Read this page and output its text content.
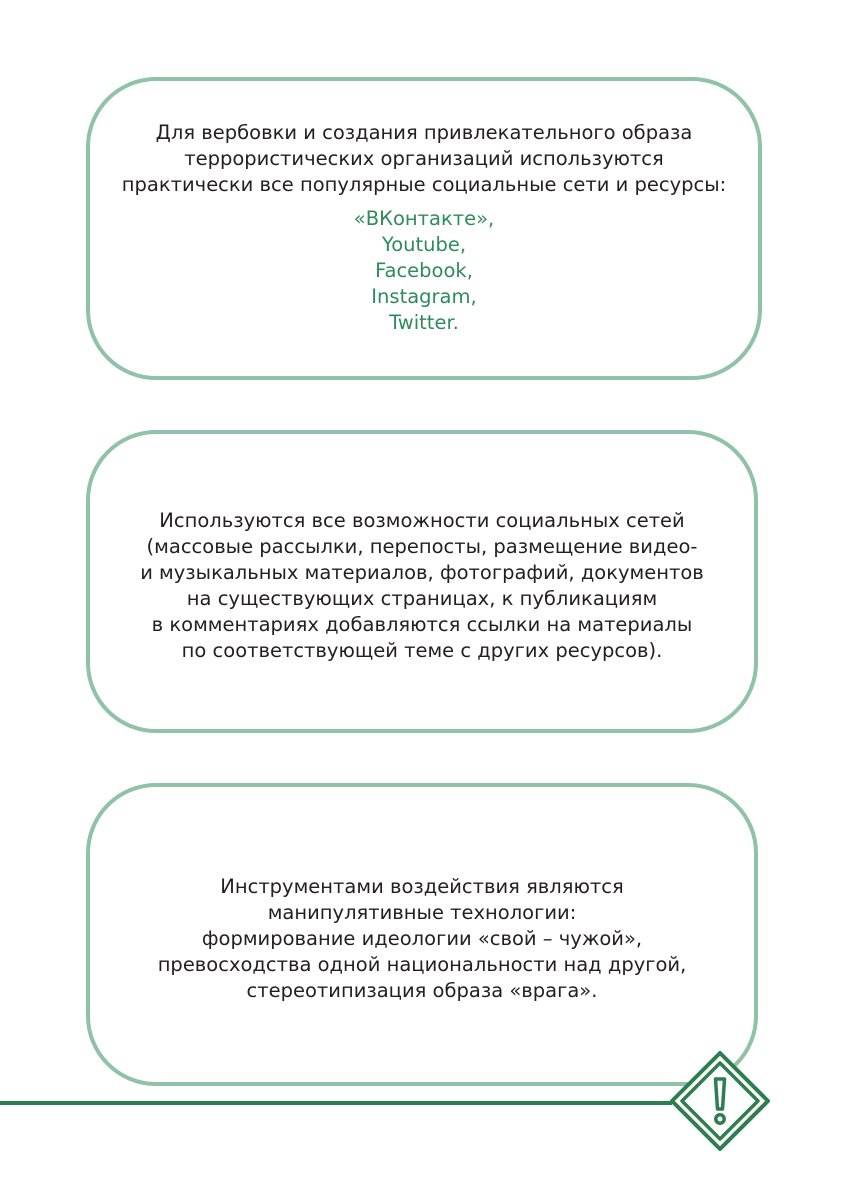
Для вербовки и создания привлекательного образа
террористических организаций используются
практически все популярные социальные сети и ресурсы:
«ВКонтакте»,
Youtube,
Facebook,
Instagram,
Twitter.
Используются все возможности социальных сетей
(массовые рассылки, перепосты, размещение видео-
и музыкальных материалов, фотографий, документов
на существующих страницах, к публикациям
в комментариях добавляются ссылки на материалы
по соответствующей теме с других ресурсов).
Инструментами воздействия являются
манипулятивные технологии:
формирование идеологии «свой – чужой»,
превосходства одной национальности над другой,
стереотипизация образа «врага».
